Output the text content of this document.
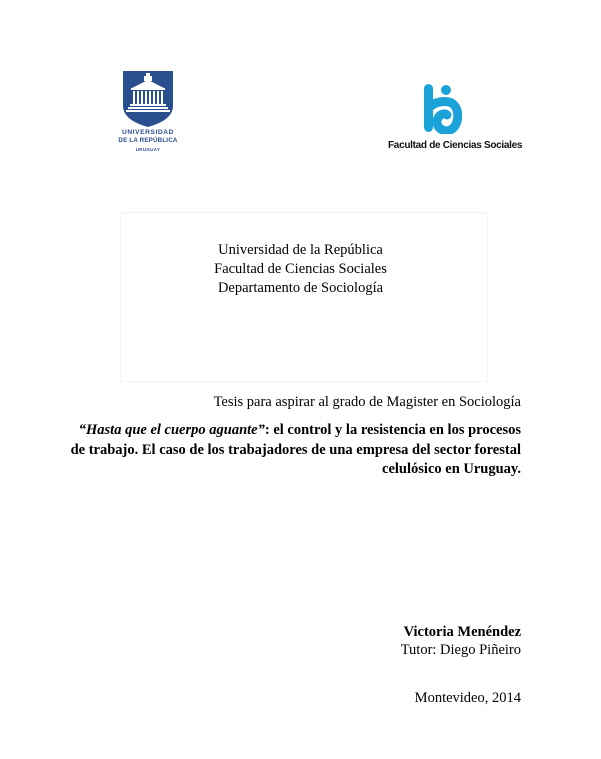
UNIVERSIDAD
DE LA REPÚBLICA
URUGUAY	Facultad de Ciencias Sociales
Universidad de la República
Facultad de Ciencias Sociales
Departamento de Sociología
Tesis para aspirar al grado de Magister en Sociología
“Hasta que el cuerpo aguante”: el control y la resistencia en los procesos de trabajo. El caso de los trabajadores de una empresa del sector forestal celulósico en Uruguay.
Victoria Menéndez
Tutor: Diego Piñeiro
Montevideo, 2014
